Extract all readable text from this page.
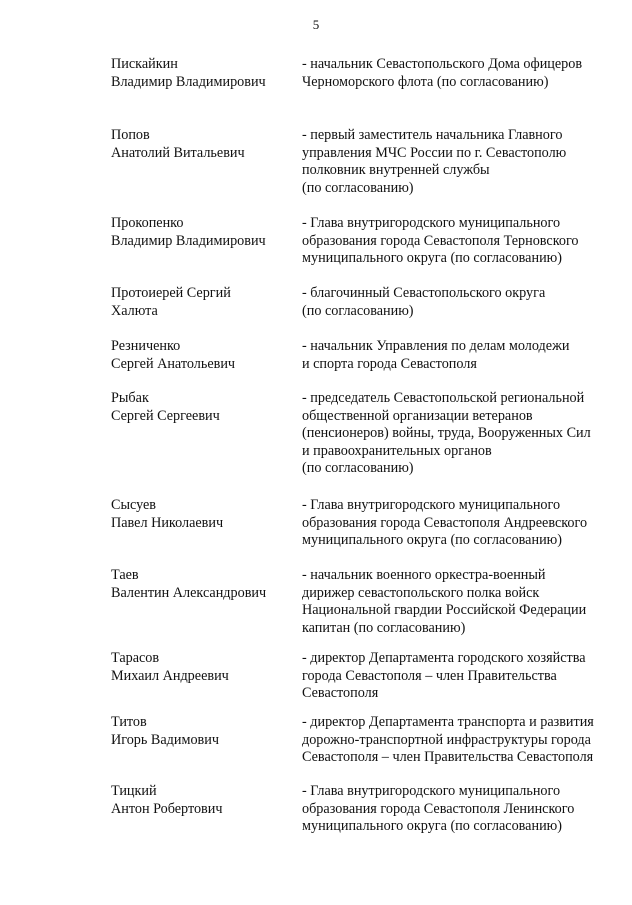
5
Пискайкин
Владимир Владимирович
- начальник Севастопольского Дома офицеров
Черноморского флота (по согласованию)
Попов
Анатолий Витальевич
- первый заместитель начальника Главного
управления МЧС России по г. Севастополю
полковник внутренней службы
(по согласованию)
Прокопенко
Владимир Владимирович
- Глава внутригородского муниципального
образования города Севастополя Терновского
муниципального округа (по согласованию)
Протоиерей Сергий
Халюта
- благочинный Севастопольского округа
(по согласованию)
Резниченко
Сергей Анатольевич
- начальник Управления по делам молодежи
и спорта города Севастополя
Рыбак
Сергей Сергеевич
- председатель Севастопольской региональной
общественной организации ветеранов
(пенсионеров) войны, труда, Вооруженных Сил
и правоохранительных органов
(по согласованию)
Сысуев
Павел Николаевич
- Глава внутригородского муниципального
образования города Севастополя Андреевского
муниципального округа (по согласованию)
Таев
Валентин Александрович
- начальник военного оркестра-военный
дирижер севастопольского полка войск
Национальной гвардии Российской Федерации
капитан (по согласованию)
Тарасов
Михаил Андреевич
- директор Департамента городского хозяйства
города Севастополя – член Правительства
Севастополя
Титов
Игорь Вадимович
- директор Департамента транспорта и развития
дорожно-транспортной инфраструктуры города
Севастополя – член Правительства Севастополя
Тицкий
Антон Робертович
- Глава внутригородского муниципального
образования города Севастополя Ленинского
муниципального округа (по согласованию)
